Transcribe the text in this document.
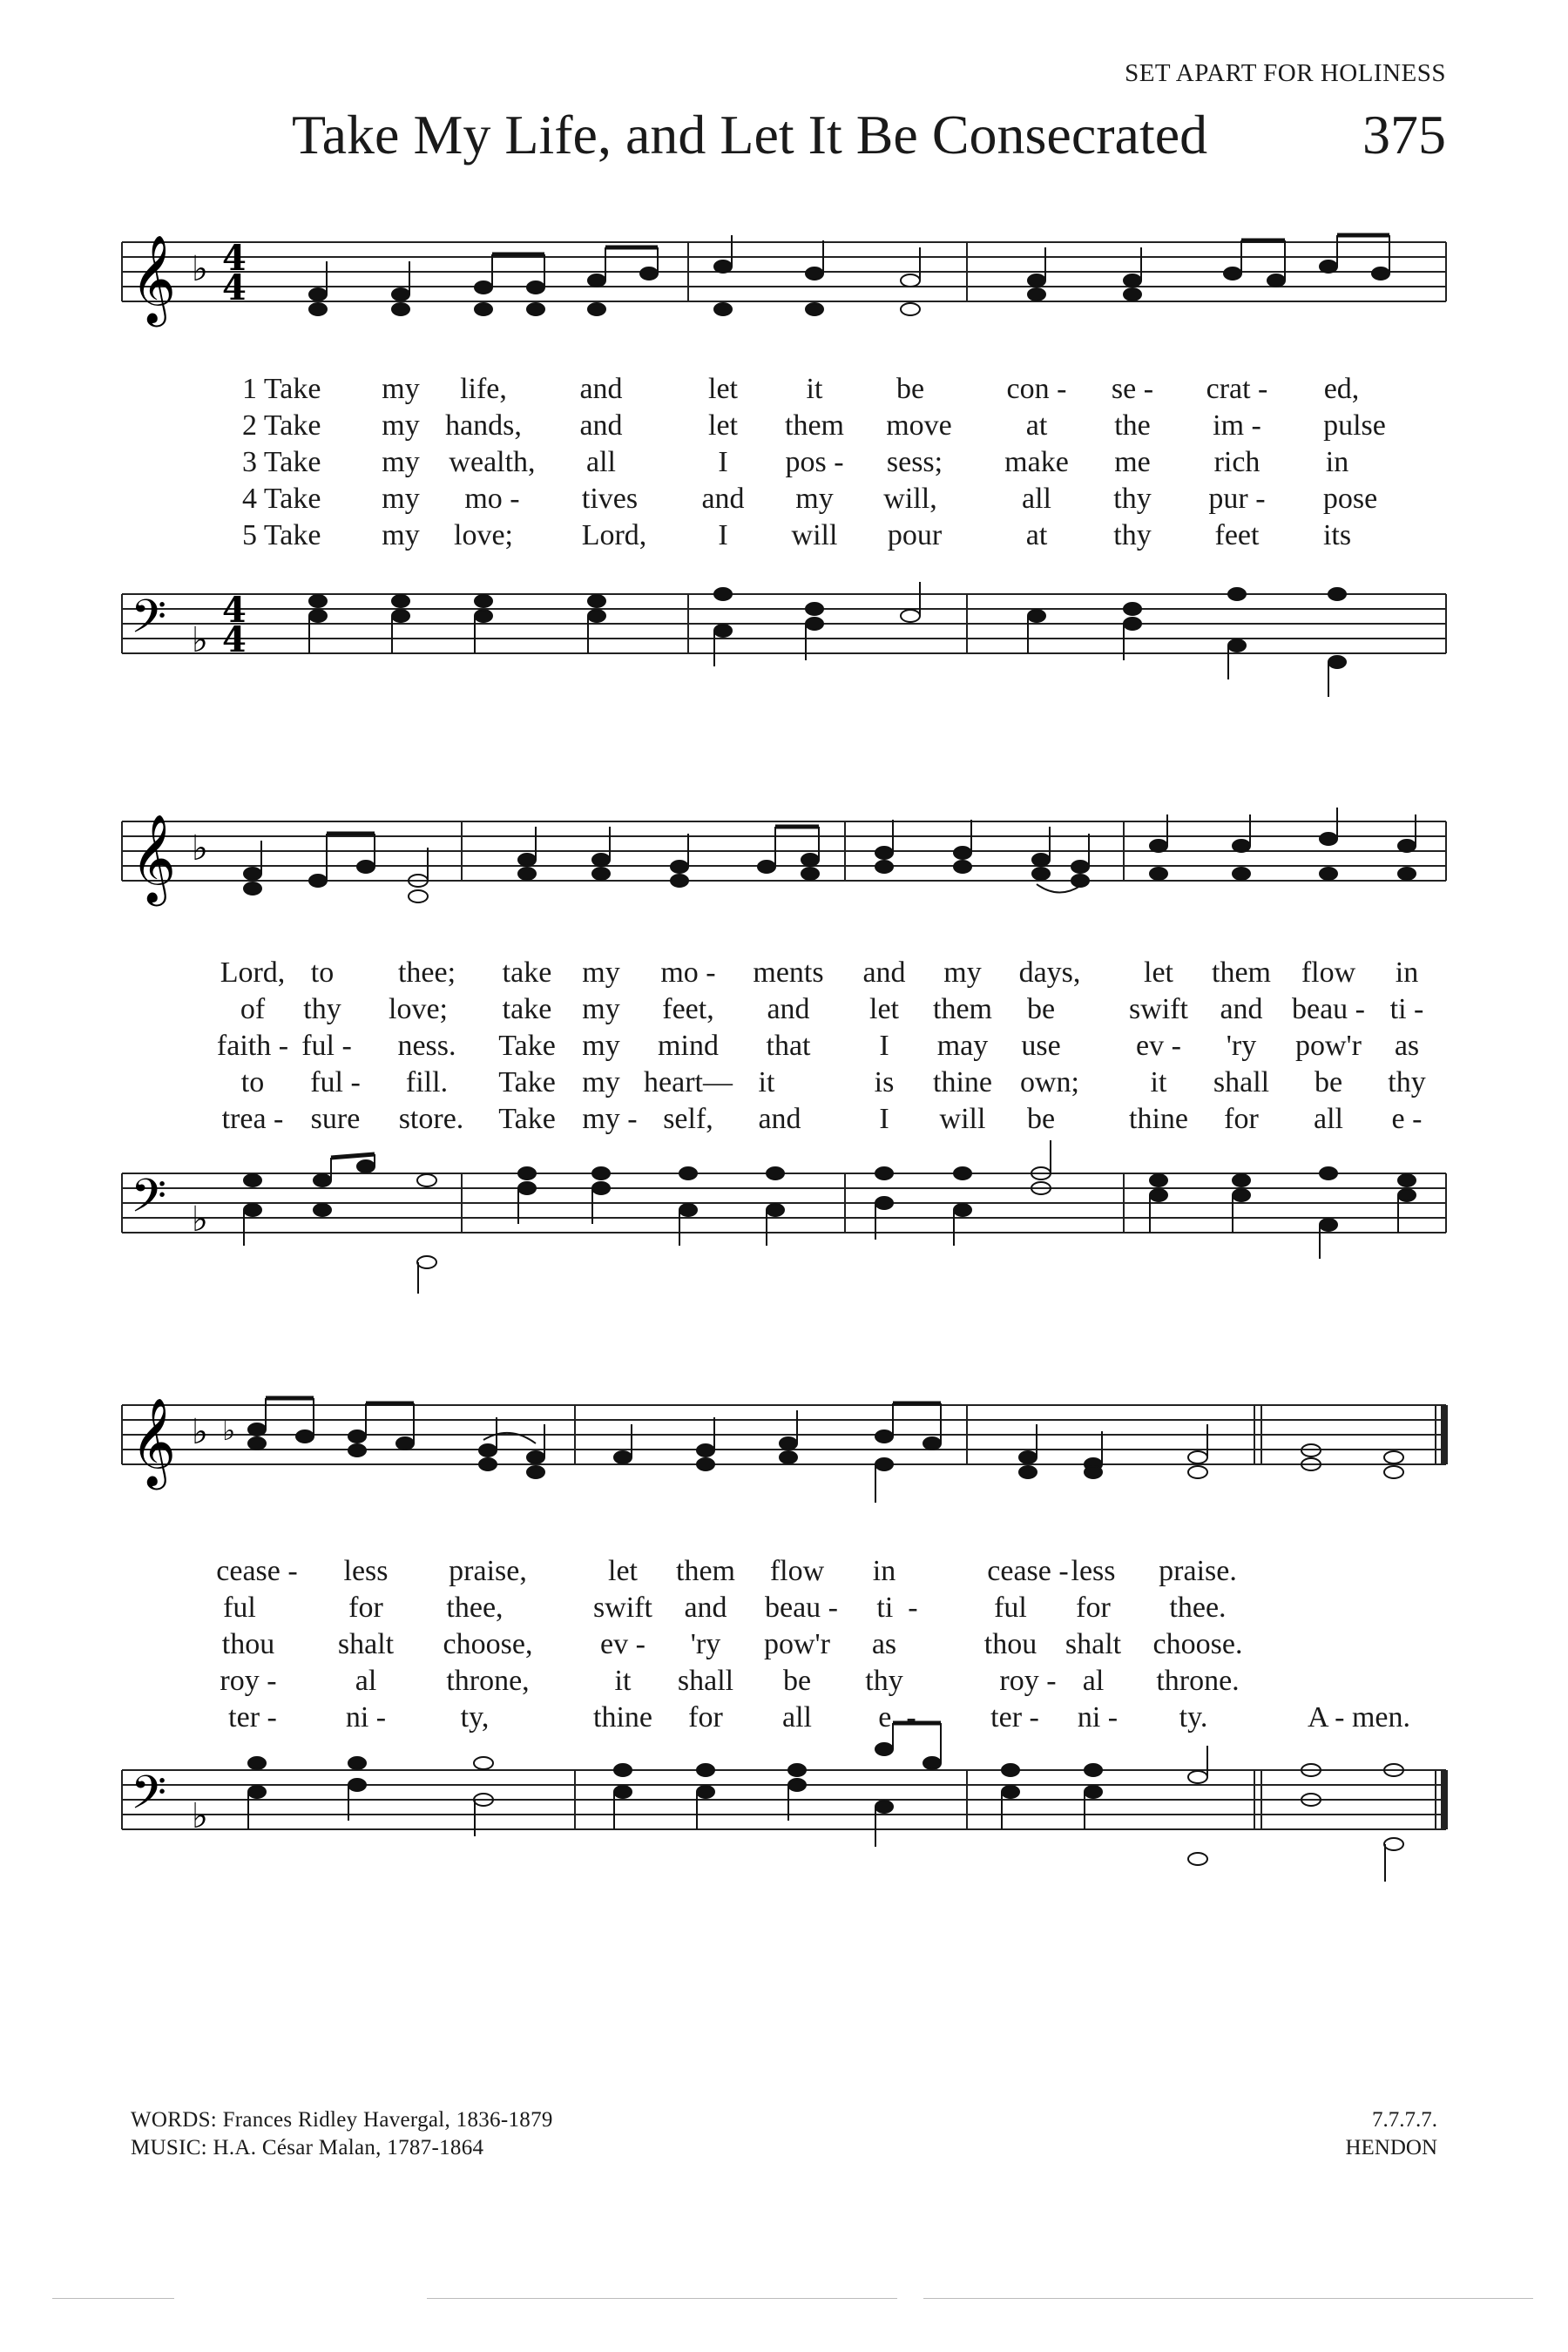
SET APART FOR HOLINESS
Take My Life, and Let It Be Consecrated	375
𝄞 ♭ 4
4
1 Take my life, and	let it be	con - se - crat - ed,
2 Take my hands, and	let them move at the im - pulse
3 Take my wealth, all	I pos - sess; make me rich in
4 Take my mo - tives and my will,	all thy pur - pose
5 Take my love; Lord, I will pour	at thy feet its
𝄢 ♭
4
4
𝄞 ♭
Lord, to thee; take my mo - ments and my days, let them flow in
of thy love; take my feet, and let them be swift and beau - ti -
faith - ful - ness. Take my mind that I may use	ev - 'ry pow'r as
to ful - fill. Take my heart— it	is thine own; it shall be thy
trea - sure store. Take my - self, and	I will be thine for all e -
𝄢 ♭
𝄞 ♭ ♭
cease - less praise,	let them flow in	cease - less praise.
ful	for thee,	swift and beau - ti  -	ful for thee.
thou shalt choose, ev - 'ry pow'r as	thou shalt choose.
roy -	al throne,	it shall be thy	roy - al throne.
ter - ni -	ty,	thine for all e  -	ter - ni - ty.	A - men.
𝄢 ♭
WORDS: Frances Ridley Havergal, 1836-1879
MUSIC: H.A. César Malan, 1787-1864
7.7.7.7.
HENDON
